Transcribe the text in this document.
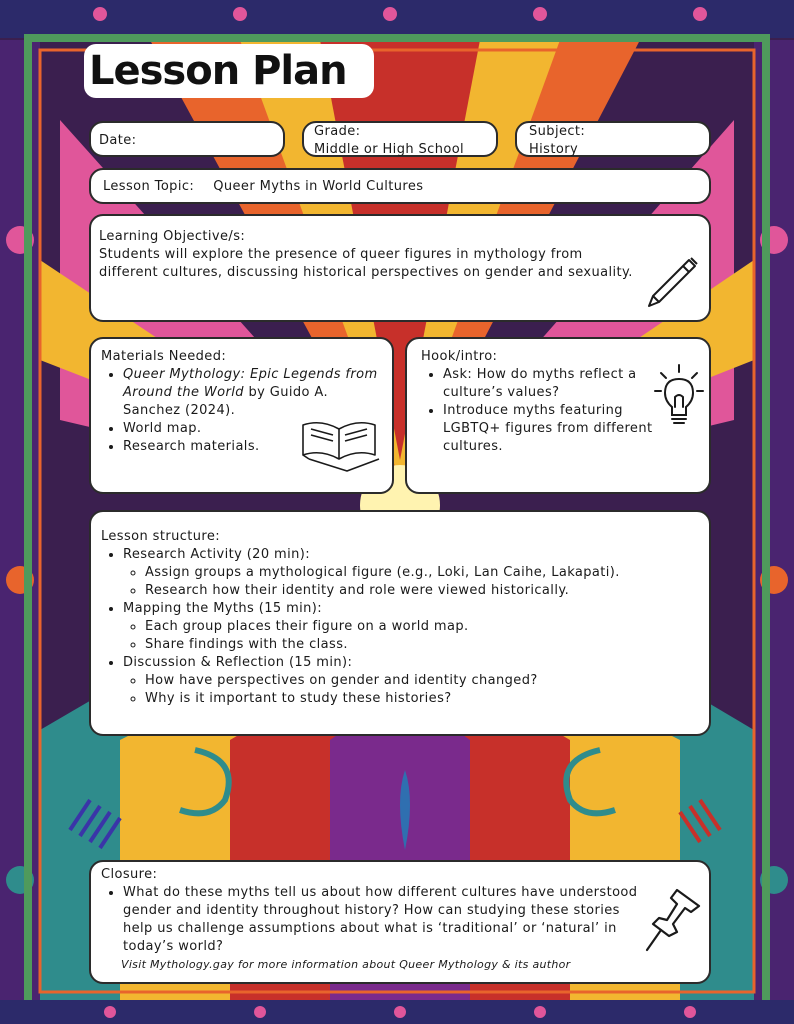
Lesson Plan
Date:
Grade:
Middle or High School
Subject:
History
Lesson Topic: Queer Myths in World Cultures
Learning Objective/s:
Students will explore the presence of queer figures in mythology from different cultures, discussing historical perspectives on gender and sexuality.
Materials Needed:
• Queer Mythology: Epic Legends from Around the World by Guido A. Sanchez (2024).
• World map.
• Research materials.
Hook/intro:
• Ask: How do myths reflect a culture’s values?
• Introduce myths featuring LGBTQ+ figures from different cultures.
Lesson structure:
• Research Activity (20 min):
◦ Assign groups a mythological figure (e.g., Loki, Lan Caihe, Lakapati).
◦ Research how their identity and role were viewed historically.
• Mapping the Myths (15 min):
◦ Each group places their figure on a world map.
◦ Share findings with the class.
• Discussion & Reflection (15 min):
◦ How have perspectives on gender and identity changed?
◦ Why is it important to study these histories?
Closure:
• What do these myths tell us about how different cultures have understood gender and identity throughout history? How can studying these stories help us challenge assumptions about what is ‘traditional’ or ‘natural’ in today’s world?
Visit Mythology.gay for more information about Queer Mythology & its author
